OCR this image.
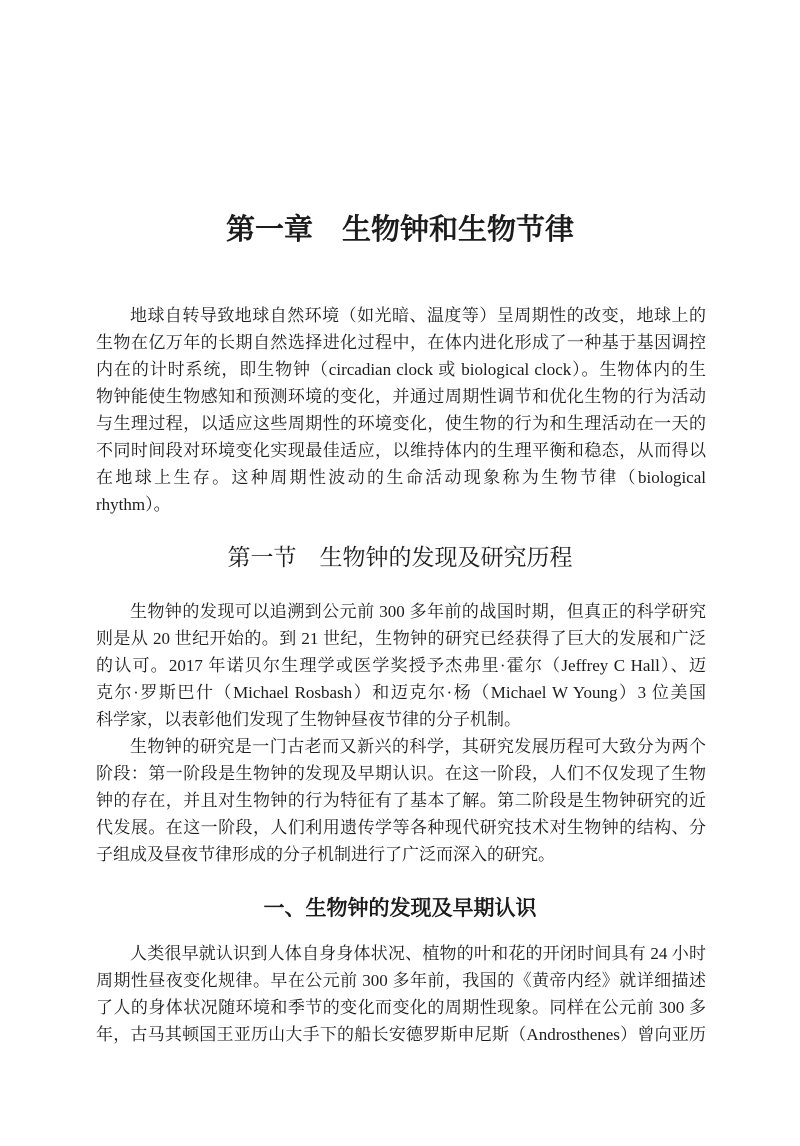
第一章　生物钟和生物节律
地球自转导致地球自然环境（如光暗、温度等）呈周期性的改变，地球上的
生物在亿万年的长期自然选择进化过程中，在体内进化形成了一种基于基因调控
内在的计时系统，即生物钟（circadian clock 或 biological clock）。生物体内的生
物钟能使生物感知和预测环境的变化，并通过周期性调节和优化生物的行为活动
与生理过程，以适应这些周期性的环境变化，使生物的行为和生理活动在一天的
不同时间段对环境变化实现最佳适应，以维持体内的生理平衡和稳态，从而得以
在地球上生存。这种周期性波动的生命活动现象称为生物节律（biological
rhythm）。
第一节　生物钟的发现及研究历程
生物钟的发现可以追溯到公元前 300 多年前的战国时期，但真正的科学研究
则是从 20 世纪开始的。到 21 世纪，生物钟的研究已经获得了巨大的发展和广泛
的认可。2017 年诺贝尔生理学或医学奖授予杰弗里·霍尔（Jeffrey C Hall）、迈
克尔·罗斯巴什（Michael Rosbash）和迈克尔·杨（Michael W Young）3 位美国
科学家，以表彰他们发现了生物钟昼夜节律的分子机制。
生物钟的研究是一门古老而又新兴的科学，其研究发展历程可大致分为两个
阶段：第一阶段是生物钟的发现及早期认识。在这一阶段，人们不仅发现了生物
钟的存在，并且对生物钟的行为特征有了基本了解。第二阶段是生物钟研究的近
代发展。在这一阶段，人们利用遗传学等各种现代研究技术对生物钟的结构、分
子组成及昼夜节律形成的分子机制进行了广泛而深入的研究。
一、生物钟的发现及早期认识
人类很早就认识到人体自身身体状况、植物的叶和花的开闭时间具有 24 小时
周期性昼夜变化规律。早在公元前 300 多年前，我国的《黄帝内经》就详细描述
了人的身体状况随环境和季节的变化而变化的周期性现象。同样在公元前 300 多
年，古马其顿国王亚历山大手下的船长安德罗斯申尼斯（Androsthenes）曾向亚历
